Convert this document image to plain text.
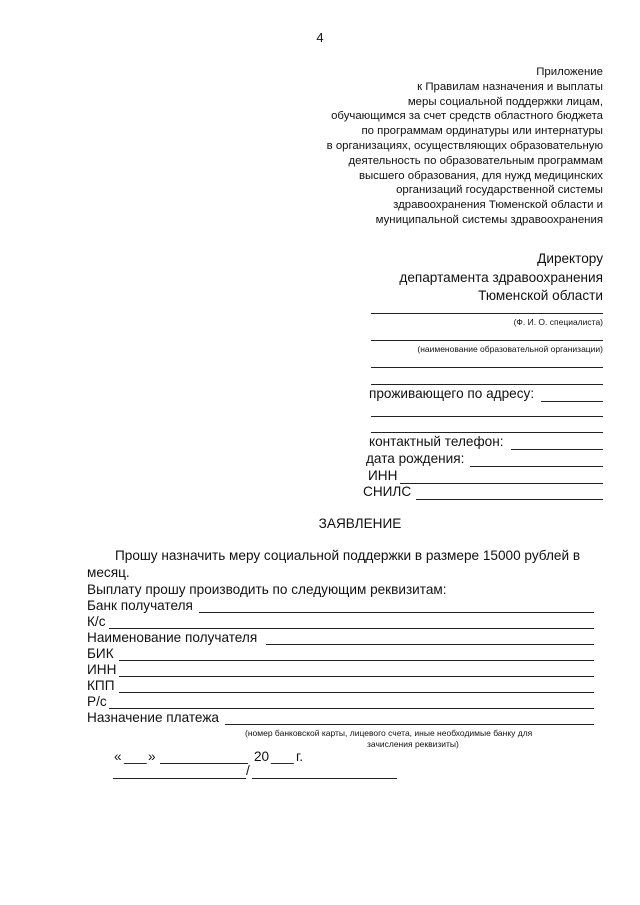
4
Приложение
к Правилам назначения и выплаты
меры социальной поддержки лицам,
обучающимся за счет средств областного бюджета
по программам ординатуры или интернатуры
в организациях, осуществляющих образовательную
деятельность по образовательным программам
высшего образования, для нужд медицинских
организаций государственной системы
здравоохранения Тюменской области и
муниципальной системы здравоохранения
Директору
департамента здравоохранения
Тюменской области
(Ф. И. О. специалиста)
(наименование образовательной организации)
проживающего по адресу:
контактный телефон:
дата рождения:
ИНН
СНИЛС
ЗАЯВЛЕНИЕ
Прошу назначить меру социальной поддержки в размере 15000 рублей в
месяц.
Выплату прошу производить по следующим реквизитам:
Банк получателя
К/с
Наименование получателя
БИК
ИНН
КПП
Р/с
Назначение платежа
(номер банковской карты, лицевого счета, иные необходимые банку для
зачисления реквизиты)
« ___ »	20 ___ г.
/
